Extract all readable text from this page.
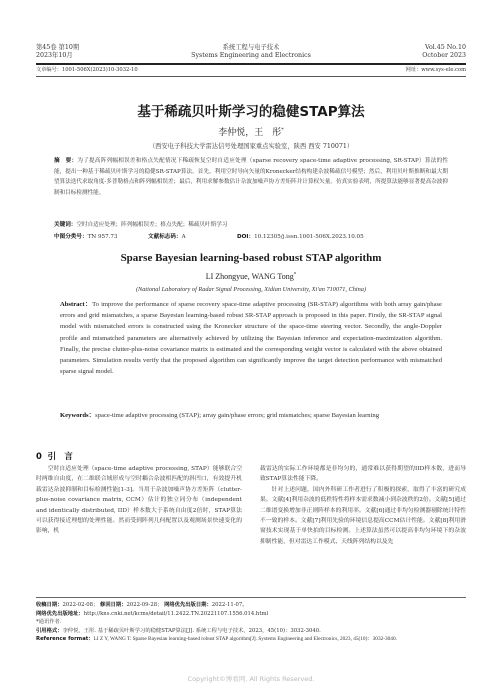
第45卷 第10期
2023年10月
系统工程与电子技术
Systems Engineering and Electronics
Vol.45 No.10
October 2023
文章编号：1001-506X(2023)10-3032-10	网址：www.sys-ele.com
基于稀疏贝叶斯学习的稳健STAP算法
李仲悦，王　彤*
（西安电子科技大学雷达信号处理国家重点实验室，陕西 西安 710071）
摘　要：为了提高阵列幅相误差和格点失配情况下稀疏恢复空时自适应处理（sparse recovery space-time adaptive processing, SR-STAP）算法的性能，提出一种基于稀疏贝叶斯学习的稳健SR-STAP算法。首先，利用空时导向矢量的Kronecker结构构建杂波稀疏信号模型；然后，利用贝叶斯推断和最大期望算法迭代求取角度-多普勒格点和阵列幅相误差；最后，利用求解参数估计杂波加噪声协方差矩阵并计算权矢量。仿真实验表明，所提算法能够显著提高杂波抑制和目标检测性能。
关键词：空时自适应处理；阵列幅相误差；格点失配；稀疏贝叶斯学习
中图分类号：TN 957.73	文献标志码：A	DOI：10.12305/j.issn.1001-506X.2023.10.05
Sparse Bayesian learning-based robust STAP algorithm
LI Zhongyue, WANG Tong*
(National Laboratory of Radar Signal Processing, Xidian University, Xi'an 710071, China)
Abstract：To improve the performance of sparse recovery space-time adaptive processing (SR-STAP) algorithms with both array gain/phase errors and grid mismatches, a sparse Bayesian learning-based robust SR-STAP approach is proposed in this paper. Firstly, the SR-STAP signal model with mismatched errors is constructed using the Kronecker structure of the space-time steering vector. Secondly, the angle-Doppler profile and mismatched parameters are alternatively achieved by utilizing the Bayesian inference and expectation-maximization algorithm. Finally, the precise clutter-plus-noise covariance matrix is estimated and the corresponding weight vector is calculated with the above obtained parameters. Simulation results verify that the proposed algorithm can significantly improve the target detection performance with mismatched sparse signal model.
Keywords：space-time adaptive processing (STAP); array gain/phase errors; grid mismatches; sparse Bayesian learning
0 引　言

空时自适应处理（space-time adaptive processing, STAP）能够联合空时两维自由度，在二维联合域形成与空时耦合杂波相匹配的斜凹口，有效提升机载雷达杂波抑制和目标检测性能[1-3]。当用于杂波加噪声协方差矩阵（clutter-plus-noise covariance matrix, CCM）估计的独立同分布（independent and identically distributed, IID）样本数大于系统自由度2倍时，STAP算法可以获得接近理想的处理性能。然而受到阵列几何配置以及观测场景快速变化的影响，机

载雷达的实际工作环境都是非均匀的，通常难以获得期望的IID样本数，进而导致STAP算法性能下降。

针对上述问题，国内外科研工作者进行了积极的探索，取得了丰富的研究成果。文献[4]利用杂波的低秩特性将样本需求数减小到杂波秩的2倍。文献[5]通过二维谱变换增加非正则阵样本的利用率。文献[6]通过非均匀检测器剔除统计特性不一致的样本。文献[7]利用先验的环境信息提高CCM估计性能。文献[8]利用滑窗技术实现基于单快拍的目标检测。上述算法虽然可以提高非均匀环境下的杂波抑制性能，但对雷达工作模式、天线阵列结构以及先

收稿日期：2022-02-08； 修回日期：2022-09-28； 网络优先出版日期：2022-11-07。
网络优先出版地址：http://kns.cnki.net/kcms/detail/11.2422.TN.20221107.1556.014.html
*通讯作者.
引用格式：李仲悦，王彤. 基于稀疏贝叶斯学习的稳健STAP算法[J]. 系统工程与电子技术，2023，45(10)：3032-3040.
Reference format：LI Z Y, WANG T. Sparse Bayesian learning-based robust STAP algorithm[J]. Systems Engineering and Electronics, 2023, 45(10)：3032-3040.
Copyright©博看网. All Rights Reserved.
